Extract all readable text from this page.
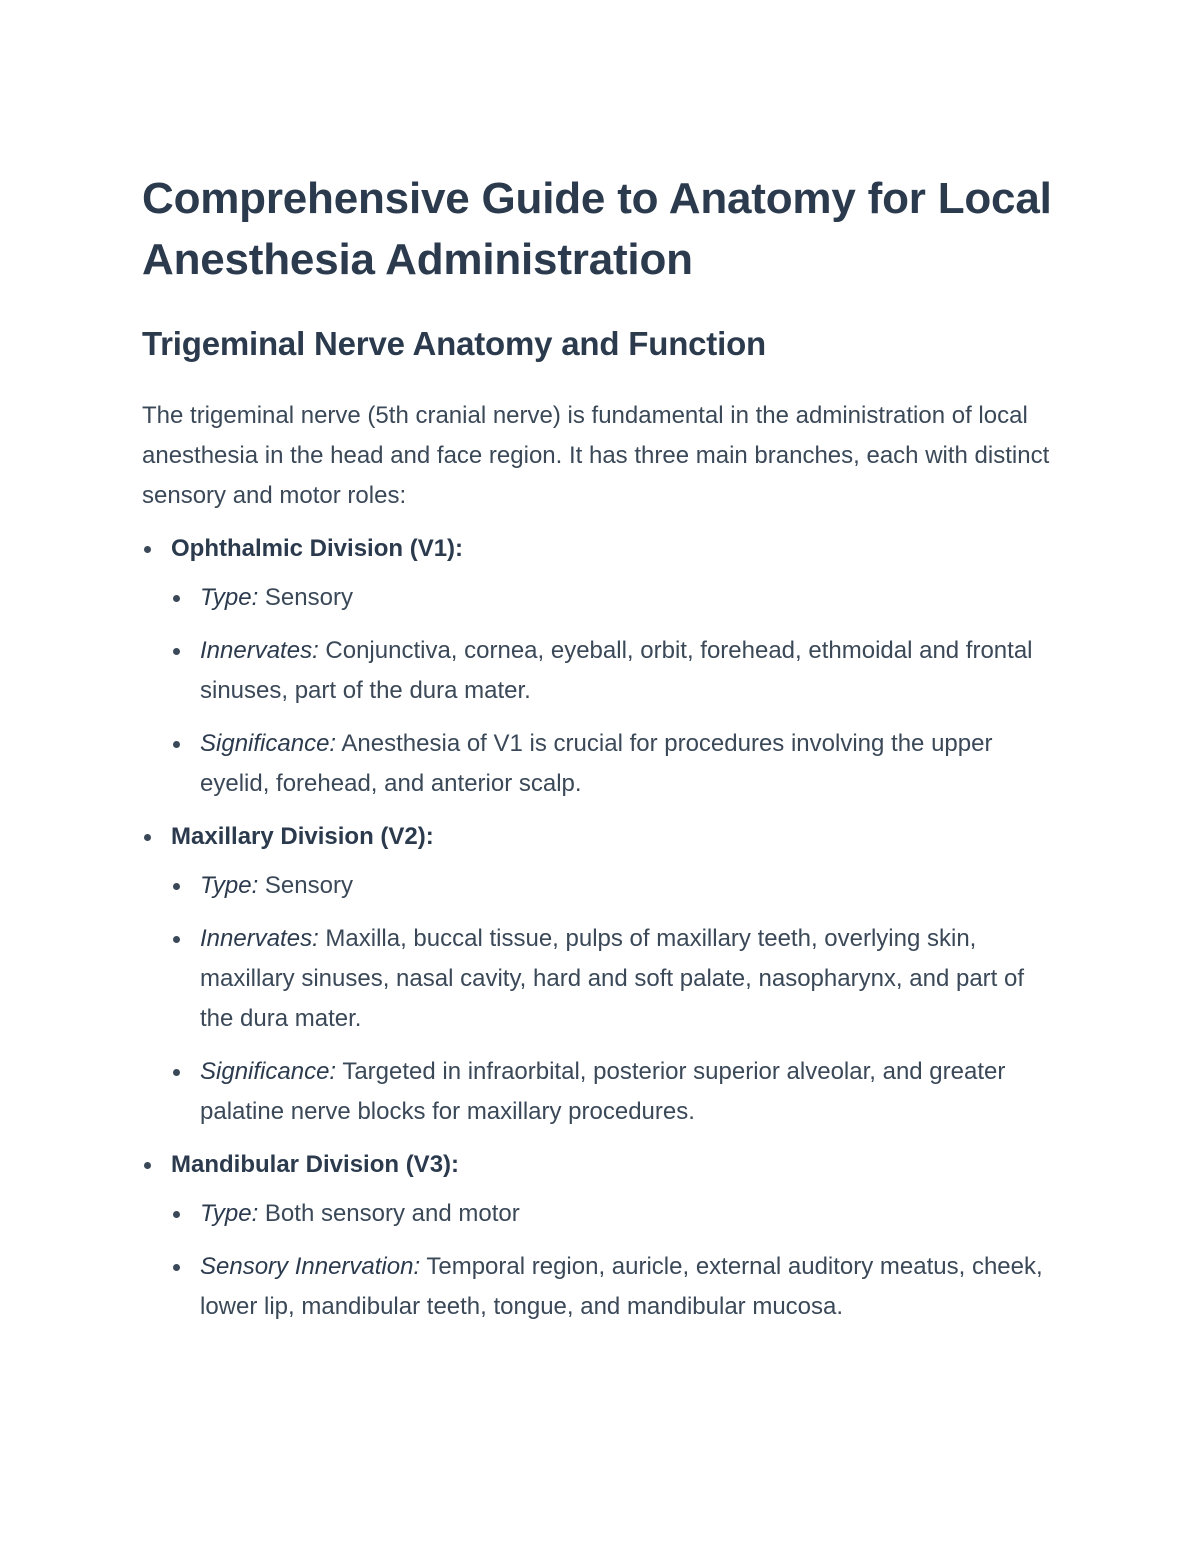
Comprehensive Guide to Anatomy for Local Anesthesia Administration
Trigeminal Nerve Anatomy and Function

The trigeminal nerve (5th cranial nerve) is fundamental in the administration of local anesthesia in the head and face region. It has three main branches, each with distinct sensory and motor roles:

Ophthalmic Division (V1):
Type: Sensory
Innervates: Conjunctiva, cornea, eyeball, orbit, forehead, ethmoidal and frontal sinuses, part of the dura mater.
Significance: Anesthesia of V1 is crucial for procedures involving the upper eyelid, forehead, and anterior scalp.
Maxillary Division (V2):
Type: Sensory
Innervates: Maxilla, buccal tissue, pulps of maxillary teeth, overlying skin, maxillary sinuses, nasal cavity, hard and soft palate, nasopharynx, and part of the dura mater.
Significance: Targeted in infraorbital, posterior superior alveolar, and greater palatine nerve blocks for maxillary procedures.
Mandibular Division (V3):
Type: Both sensory and motor
Sensory Innervation: Temporal region, auricle, external auditory meatus, cheek, lower lip, mandibular teeth, tongue, and mandibular mucosa.
